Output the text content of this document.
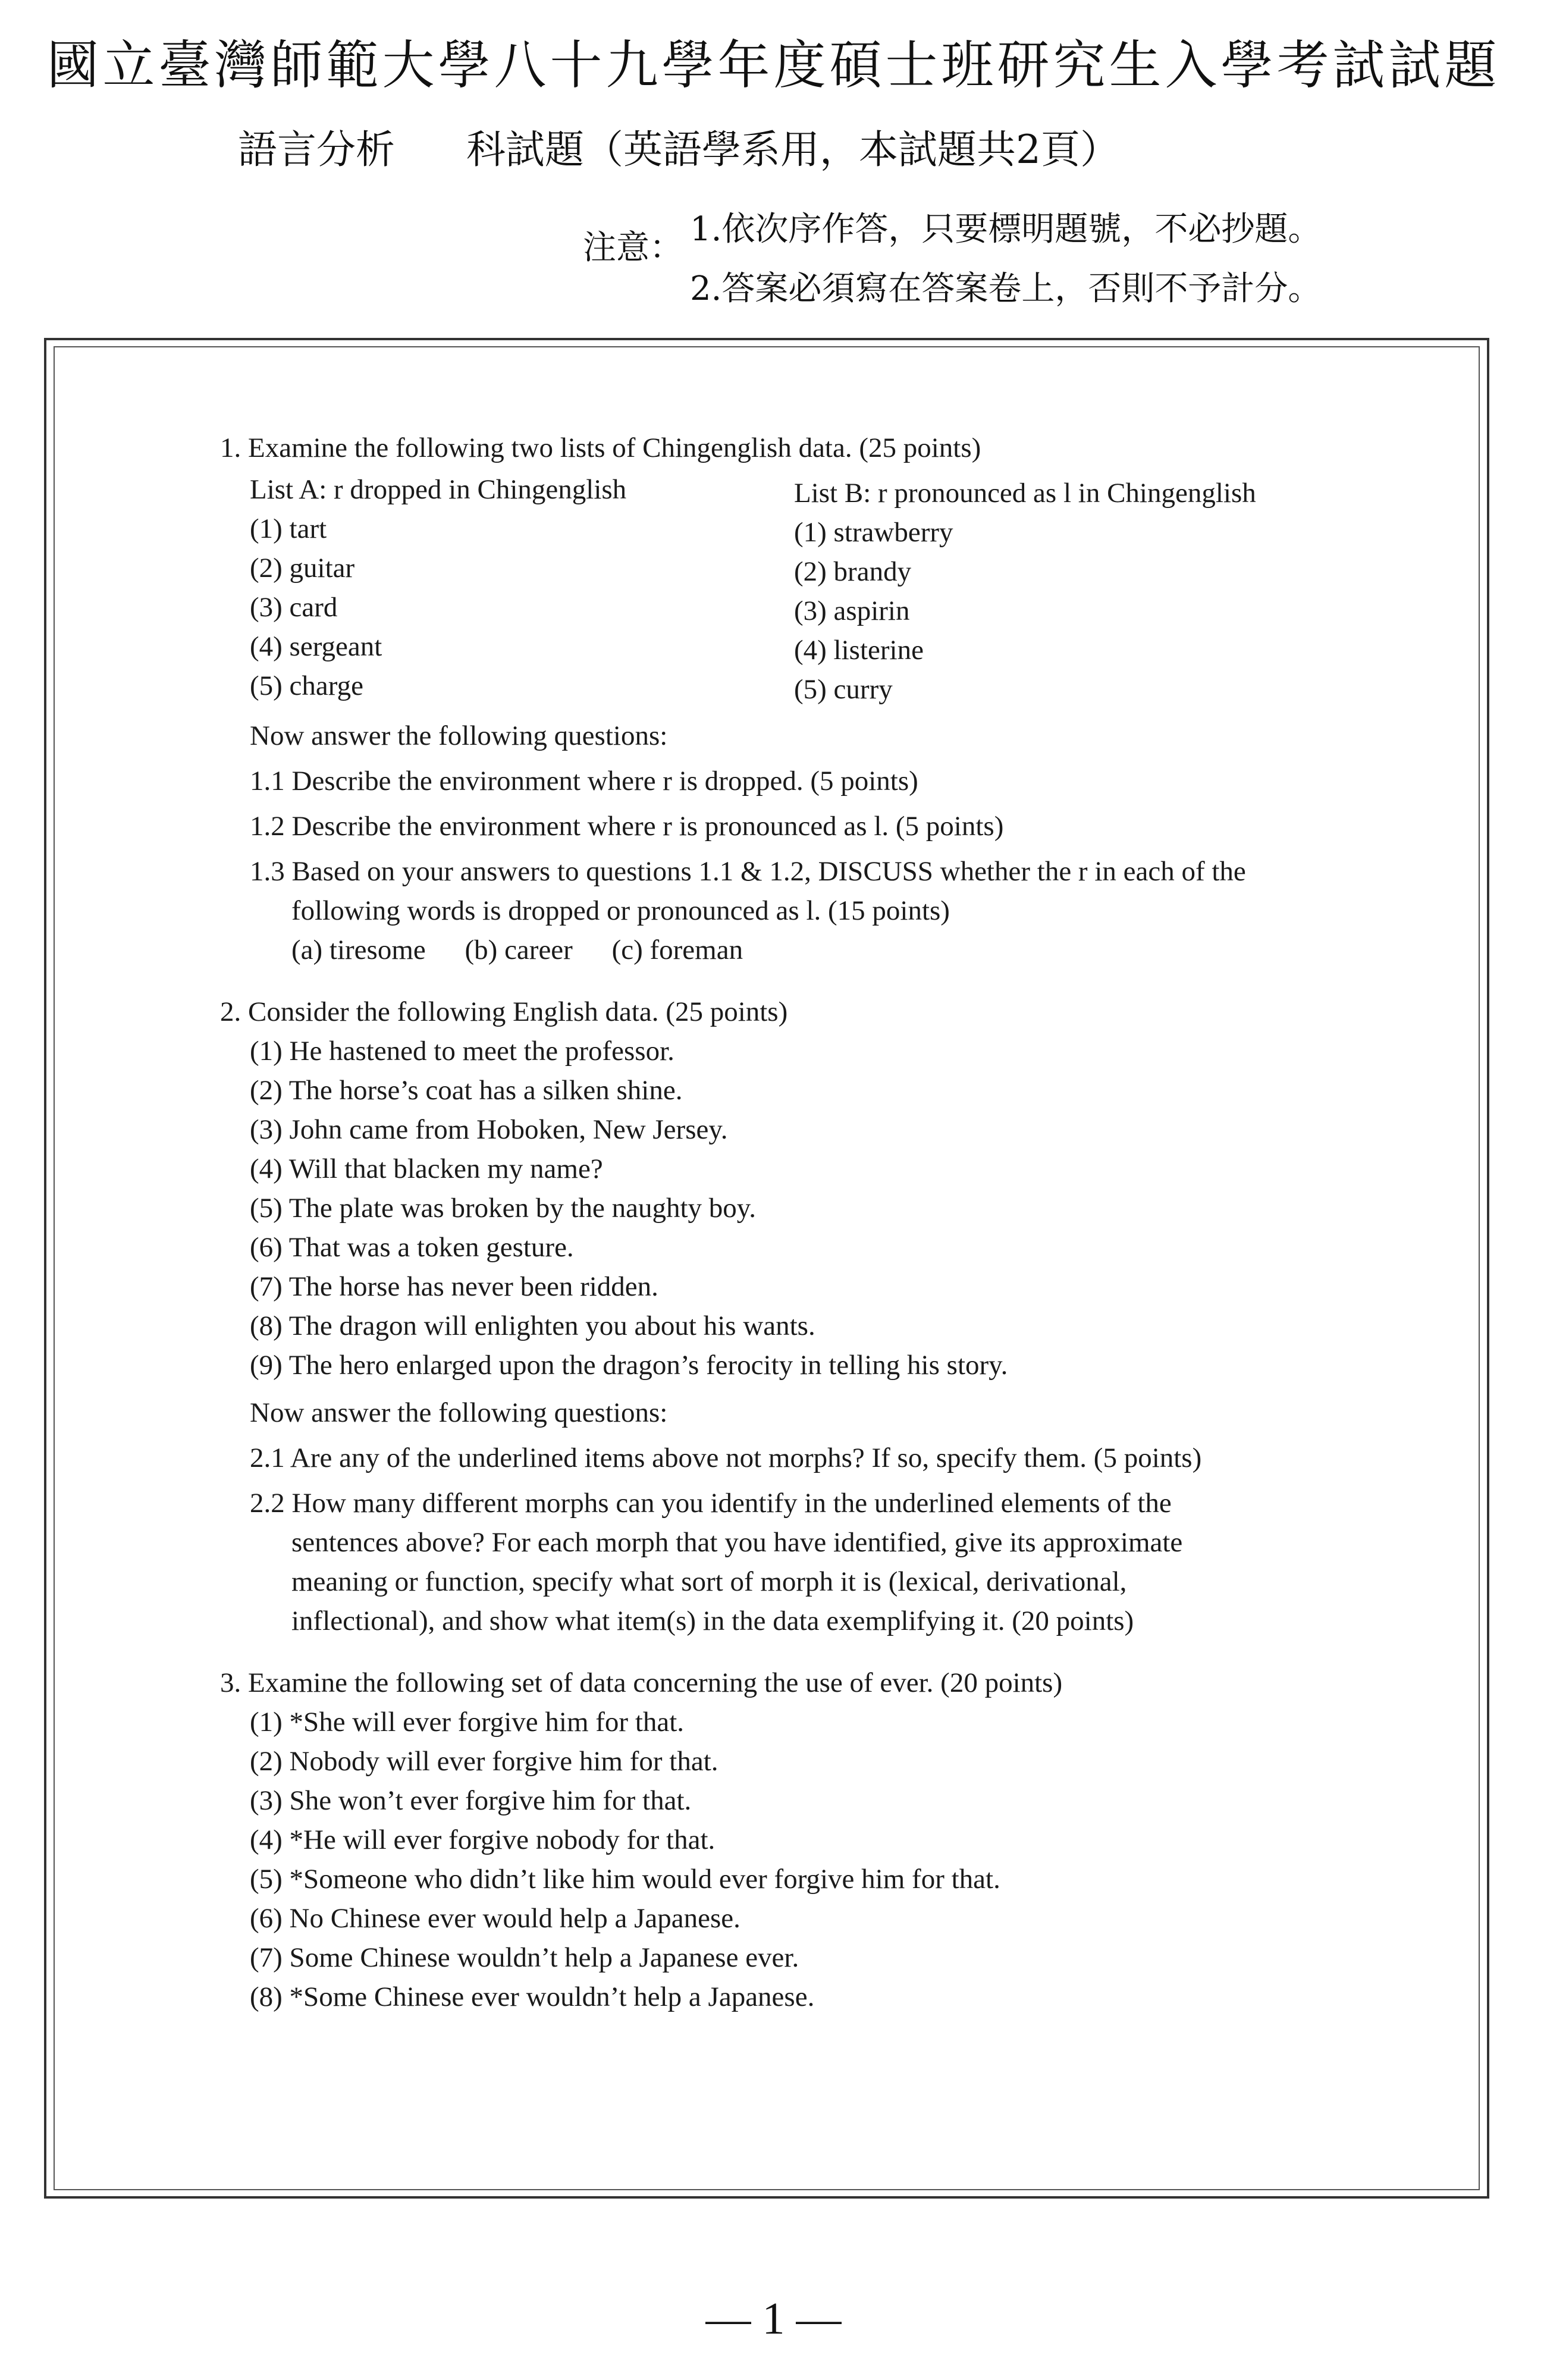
國立臺灣師範大學八十九學年度碩士班研究生入學考試試題
語言分析 科試題（英語學系用，本試題共2頁）
注意： 1.依次序作答，只要標明題號，不必抄題。
2.答案必須寫在答案卷上，否則不予計分。
1. Examine the following two lists of Chingenglish data. (25 points)
List A: r dropped in Chingenglish
(1) tart
(2) guitar
(3) card
(4) sergeant
(5) charge
List B: r pronounced as l in Chingenglish
(1) strawberry
(2) brandy
(3) aspirin
(4) listerine
(5) curry
Now answer the following questions:
1.1 Describe the environment where r is dropped. (5 points)
1.2 Describe the environment where r is pronounced as l. (5 points)
1.3 Based on your answers to questions 1.1 & 1.2, DISCUSS whether the r in each of the
following words is dropped or pronounced as l. (15 points)
(a) tiresome (b) career (c) foreman
2. Consider the following English data. (25 points)
(1) He hastened to meet the professor.
(2) The horse’s coat has a silken shine.
(3) John came from Hoboken, New Jersey.
(4) Will that blacken my name?
(5) The plate was broken by the naughty boy.
(6) That was a token gesture.
(7) The horse has never been ridden.
(8) The dragon will enlighten you about his wants.
(9) The hero enlarged upon the dragon’s ferocity in telling his story.
Now answer the following questions:
2.1 Are any of the underlined items above not morphs? If so, specify them. (5 points)
2.2 How many different morphs can you identify in the underlined elements of the
sentences above? For each morph that you have identified, give its approximate
meaning or function, specify what sort of morph it is (lexical, derivational,
inflectional), and show what item(s) in the data exemplifying it. (20 points)
3. Examine the following set of data concerning the use of ever. (20 points)
(1) *She will ever forgive him for that.
(2) Nobody will ever forgive him for that.
(3) She won’t ever forgive him for that.
(4) *He will ever forgive nobody for that.
(5) *Someone who didn’t like him would ever forgive him for that.
(6) No Chinese ever would help a Japanese.
(7) Some Chinese wouldn’t help a Japanese ever.
(8) *Some Chinese ever wouldn’t help a Japanese.
— 1 —
